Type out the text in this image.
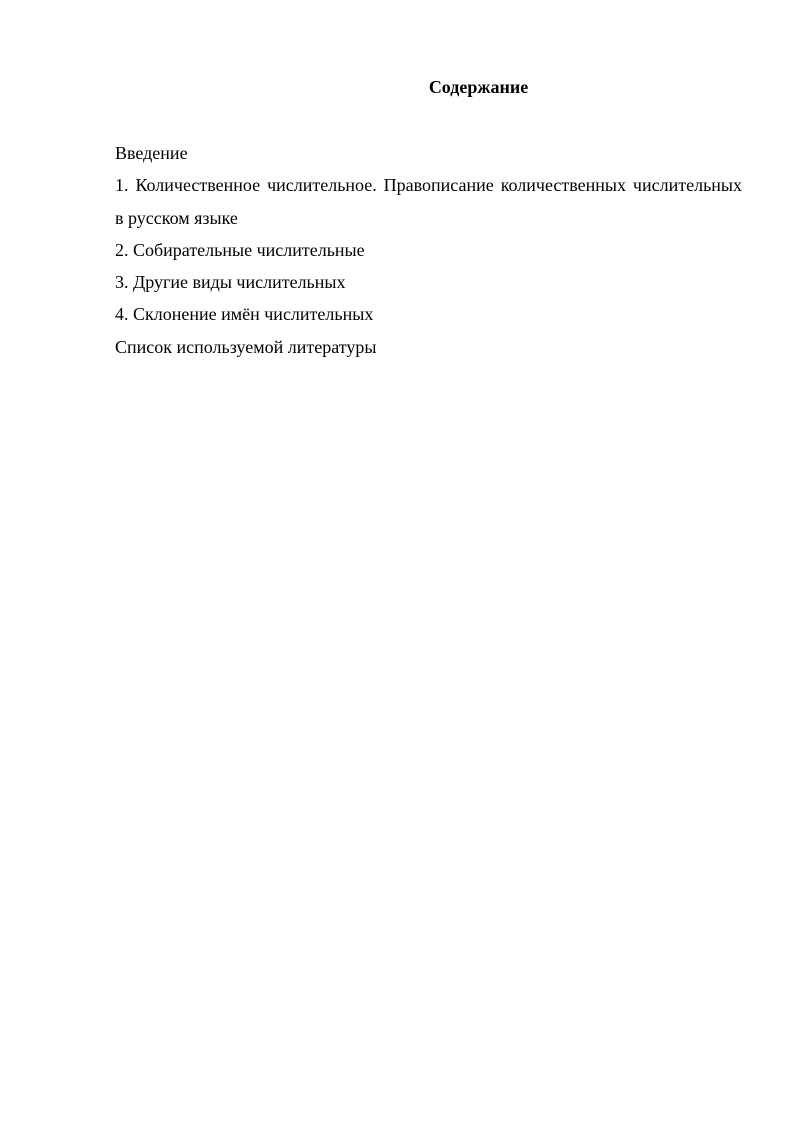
Содержание
Введение
1. Количественное числительное. Правописание количественных числительных в русском языке
2. Собирательные числительные
3. Другие виды числительных
4. Склонение имён числительных
Список используемой литературы
